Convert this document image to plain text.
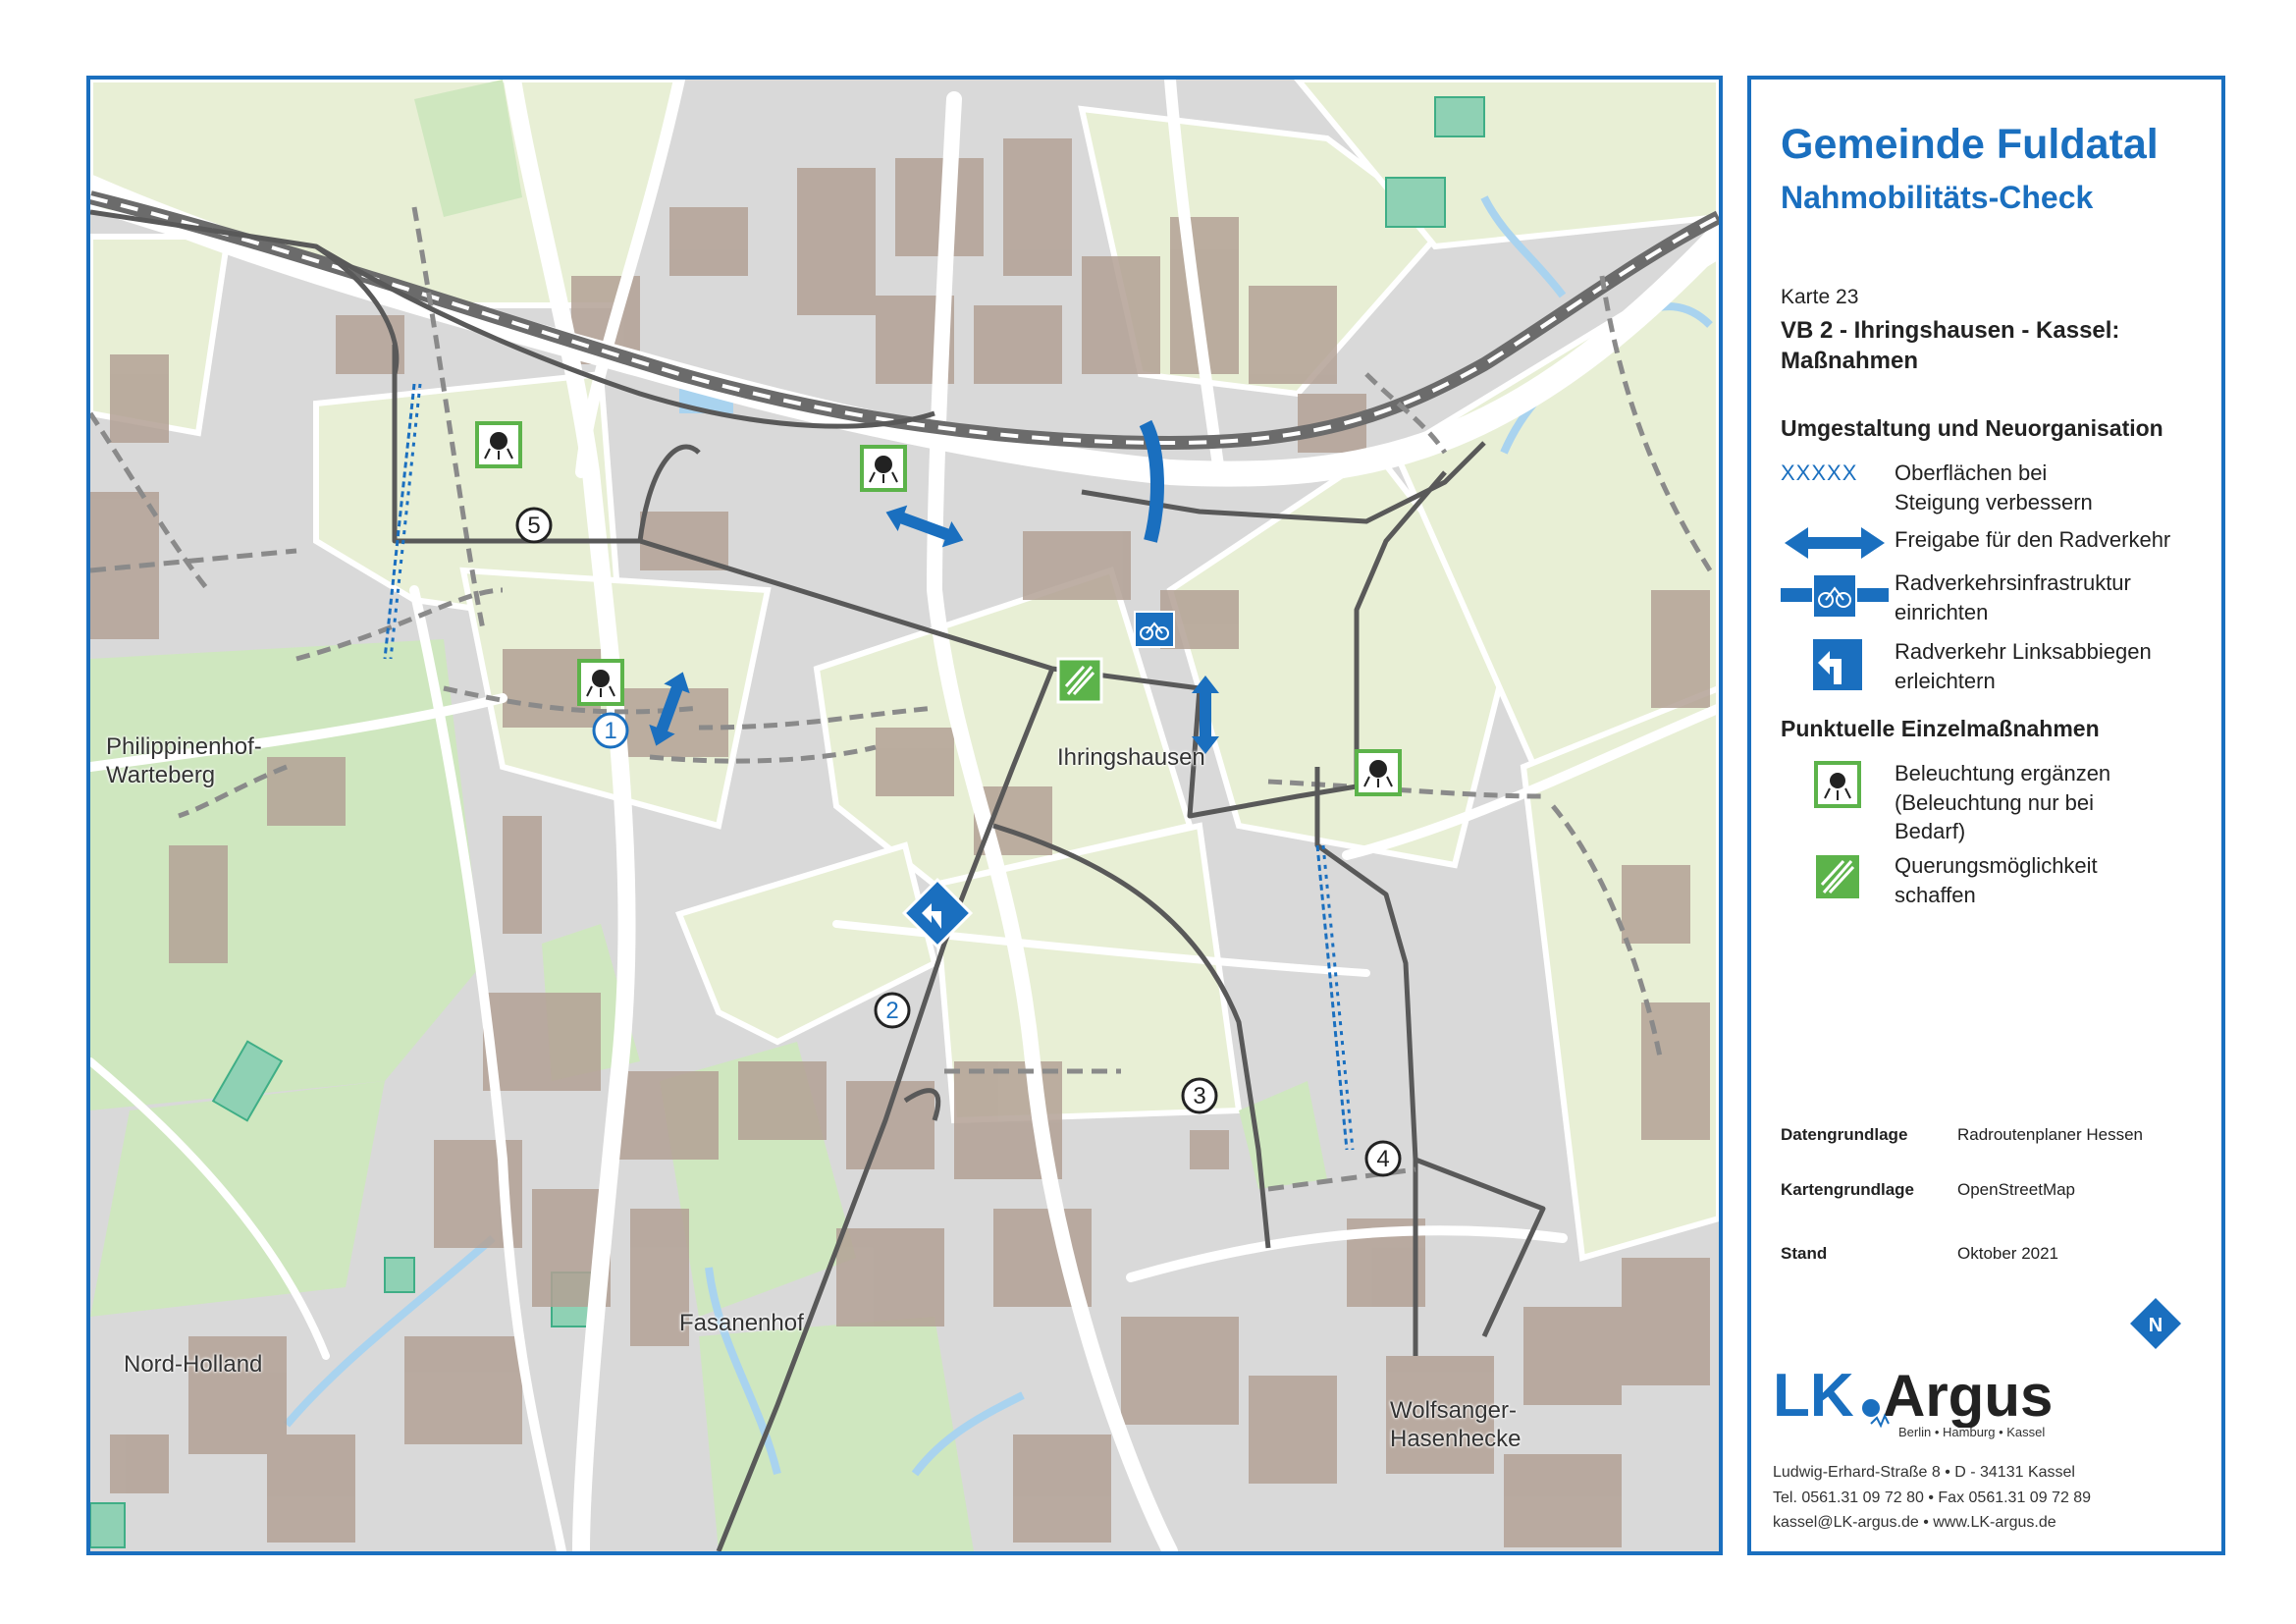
1
2
3
4
5
Philippinenhof-
Warteberg
Ihringshausen
Fasanenhof
Nord-Holland
Wolfsanger-
Hasenhecke
Gemeinde Fuldatal
Nahmobilitäts-Check
Karte 23
VB 2 - Ihringshausen - Kassel:
Maßnahmen
Umgestaltung und Neuorganisation
XXXXX Oberflächen bei
Steigung verbessern
Freigabe für den Radverkehr
Radverkehrsinfrastruktur
einrichten
Radverkehr Linksabbiegen
erleichtern
Punktuelle Einzelmaßnahmen
Beleuchtung ergänzen
(Beleuchtung nur bei
Bedarf)
Querungsmöglichkeit
schaffen
Datengrundlage	Radroutenplaner Hessen
Kartengrundlage	OpenStreetMap
Stand	Oktober 2021
N
LK Argus
Berlin • Hamburg • Kassel
Ludwig-Erhard-Straße 8 • D - 34131 Kassel
Tel. 0561.31 09 72 80 • Fax 0561.31 09 72 89
kassel@LK-argus.de • www.LK-argus.de
